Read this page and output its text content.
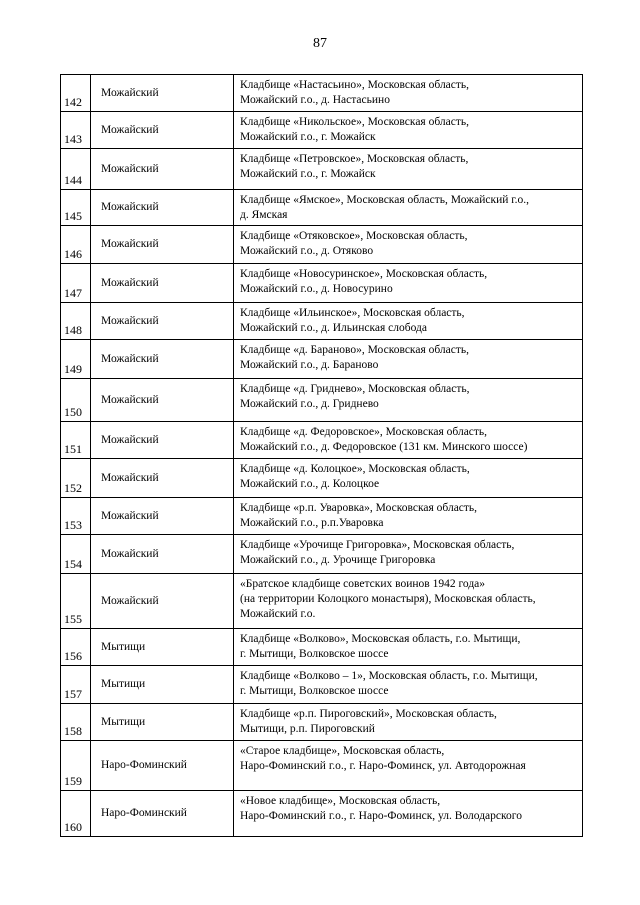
87
142	Можайский	Кладбище «Настасьино», Московская область,
Можайский г.о., д. Настасьино

143	Можайский	Кладбище «Никольское», Московская область,
Можайский г.о., г. Можайск

144	Можайский	Кладбище «Петровское», Московская область,
Можайский г.о., г. Можайск

145	Можайский	Кладбище «Ямское», Московская область, Можайский г.о.,
д. Ямская

146	Можайский	Кладбище «Отяковское», Московская область,
Можайский г.о., д. Отяково

147	Можайский	Кладбище «Новосуринское», Московская область,
Можайский г.о., д. Новосурино

148	Можайский	Кладбище «Ильинское», Московская область,
Можайский г.о., д. Ильинская слобода

149	Можайский	Кладбище «д. Бараново», Московская область,
Можайский г.о., д. Бараново

150	Можайский	Кладбище «д. Гриднево», Московская область,
Можайский г.о., д. Гриднево

151	Можайский	Кладбище «д. Федоровское», Московская область,
Можайский г.о., д. Федоровское (131 км. Минского шоссе)

152	Можайский	Кладбище «д. Колоцкое», Московская область,
Можайский г.о., д. Колоцкое

153	Можайский	Кладбище «р.п. Уваровка», Московская область,
Можайский г.о., р.п.Уваровка

154	Можайский	Кладбище «Урочище Григоровка», Московская область,
Можайский г.о., д. Урочище Григоровка

155	Можайский	«Братское кладбище советских воинов 1942 года»
(на территории Колоцкого монастыря), Московская область,
Можайский г.о.

156	Мытищи	Кладбище «Волково», Московская область, г.о. Мытищи,
г. Мытищи, Волковское шоссе

157	Мытищи	Кладбище «Волково – 1», Московская область, г.о. Мытищи,
г. Мытищи, Волковское шоссе

158	Мытищи	Кладбище «р.п. Пироговский», Московская область,
Мытищи, р.п. Пироговский

159	Наро-Фоминский	«Старое кладбище», Московская область,
Наро-Фоминский г.о., г. Наро-Фоминск, ул. Автодорожная

160	Наро-Фоминский	«Новое кладбище», Московская область,
Наро-Фоминский г.о., г. Наро-Фоминск, ул. Володарского
